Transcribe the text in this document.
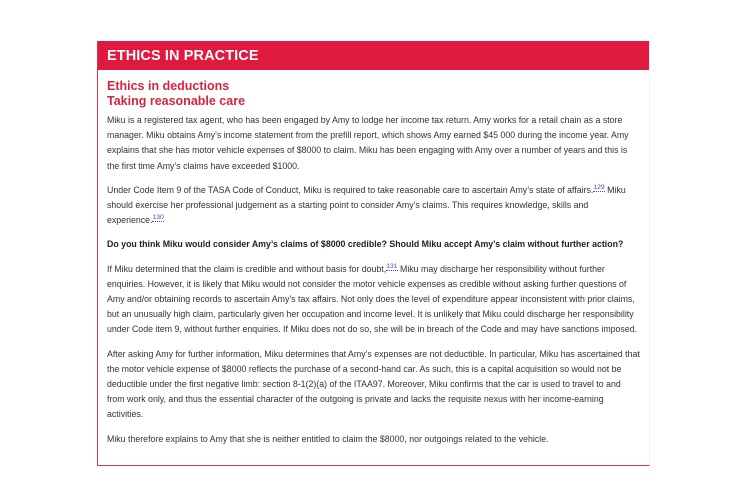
ETHICS IN PRACTICE
Ethics in deductions
Taking reasonable care

Miku is a registered tax agent, who has been engaged by Amy to lodge her income tax return. Amy works for a retail chain as a store manager. Miku obtains Amy’s income statement from the prefill report, which shows Amy earned $45 000 during the income year. Amy explains that she has motor vehicle expenses of $8000 to claim. Miku has been engaging with Amy over a number of years and this is the first time Amy’s claims have exceeded $1000.

Under Code Item 9 of the TASA Code of Conduct, Miku is required to take reasonable care to ascertain Amy’s state of affairs.$^{129}$ Miku should exercise her professional judgement as a starting point to consider Amy’s claims. This requires knowledge, skills and experience.$^{130}$

Do you think Miku would consider Amy’s claims of $8000 credible? Should Miku accept Amy’s claim without further action?

If Miku determined that the claim is credible and without basis for doubt,$^{131}$ Miku may discharge her responsibility without further enquiries. However, it is likely that Miku would not consider the motor vehicle expenses as credible without asking further questions of Amy and/or obtaining records to ascertain Amy’s tax affairs. Not only does the level of expenditure appear inconsistent with prior claims, but an unusually high claim, particularly given her occupation and income level. It is unlikely that Miku could discharge her responsibility under Code item 9, without further enquiries. If Miku does not do so, she will be in breach of the Code and may have sanctions imposed.

After asking Amy for further information, Miku determines that Amy’s expenses are not deductible. In particular, Miku has ascertained that the motor vehicle expense of $8000 reflects the purchase of a second-hand car. As such, this is a capital acquisition so would not be deductible under the first negative limb: section 8-1(2)(a) of the ITAA97. Moreover, Miku confirms that the car is used to travel to and from work only, and thus the essential character of the outgoing is private and lacks the requisite nexus with her income-earning activities.

Miku therefore explains to Amy that she is neither entitled to claim the $8000, nor outgoings related to the vehicle.
